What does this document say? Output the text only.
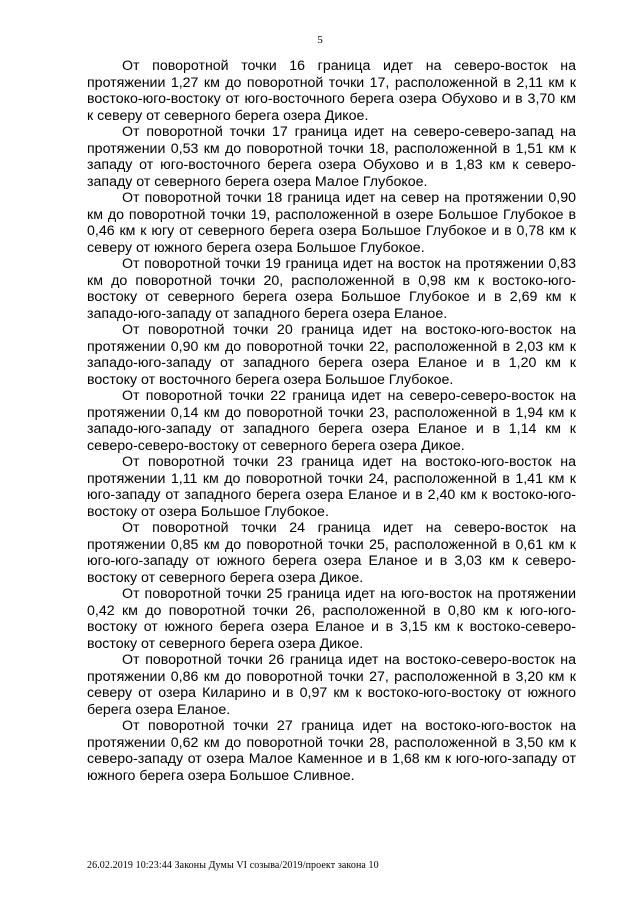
5

От поворотной точки 16 граница идет на северо-восток на протяжении 1,27 км до поворотной точки 17, расположенной в 2,11 км к востоко-юго-востоку от юго-восточного берега озера Обухово и в 3,70 км к северу от северного берега озера Дикое.

От поворотной точки 17 граница идет на северо-северо-запад на протяжении 0,53 км до поворотной точки 18, расположенной в 1,51 км к западу от юго-восточного берега озера Обухово и в 1,83 км к северо-западу от северного берега озера Малое Глубокое.

От поворотной точки 18 граница идет на север на протяжении 0,90 км до поворотной точки 19, расположенной в озере Большое Глубокое в 0,46 км к югу от северного берега озера Большое Глубокое и в 0,78 км к северу от южного берега озера Большое Глубокое.

От поворотной точки 19 граница идет на восток на протяжении 0,83 км до поворотной точки 20, расположенной в 0,98 км к востоко-юго-востоку от северного берега озера Большое Глубокое и в 2,69 км к западо-юго-западу от западного берега озера Еланое.

От поворотной точки 20 граница идет на востоко-юго-восток на протяжении 0,90 км до поворотной точки 22, расположенной в 2,03 км к западо-юго-западу от западного берега озера Еланое и в 1,20 км к востоку от восточного берега озера Большое Глубокое.

От поворотной точки 22 граница идет на северо-северо-восток на протяжении 0,14 км до поворотной точки 23, расположенной в 1,94 км к западо-юго-западу от западного берега озера Еланое и в 1,14 км к северо-северо-востоку от северного берега озера Дикое.

От поворотной точки 23 граница идет на востоко-юго-восток на протяжении 1,11 км до поворотной точки 24, расположенной в 1,41 км к юго-западу от западного берега озера Еланое и в 2,40 км к востоко-юго-востоку от озера Большое Глубокое.

От поворотной точки 24 граница идет на северо-восток на протяжении 0,85 км до поворотной точки 25, расположенной в 0,61 км к юго-юго-западу от южного берега озера Еланое и в 3,03 км к северо-востоку от северного берега озера Дикое.

От поворотной точки 25 граница идет на юго-восток на протяжении 0,42 км до поворотной точки 26, расположенной в 0,80 км к юго-юго-востоку от южного берега озера Еланое и в 3,15 км к востоко-северо-востоку от северного берега озера Дикое.

От поворотной точки 26 граница идет на востоко-северо-восток на протяжении 0,86 км до поворотной точки 27, расположенной в 3,20 км к северу от озера Киларино и в 0,97 км к востоко-юго-востоку от южного берега озера Еланое.

От поворотной точки 27 граница идет на востоко-юго-восток на протяжении 0,62 км до поворотной точки 28, расположенной в 3,50 км к северо-западу от озера Малое Каменное и в 1,68 км к юго-юго-западу от южного берега озера Большое Сливное.

26.02.2019 10:23:44 Законы Думы VI созыва/2019/проект закона 10
